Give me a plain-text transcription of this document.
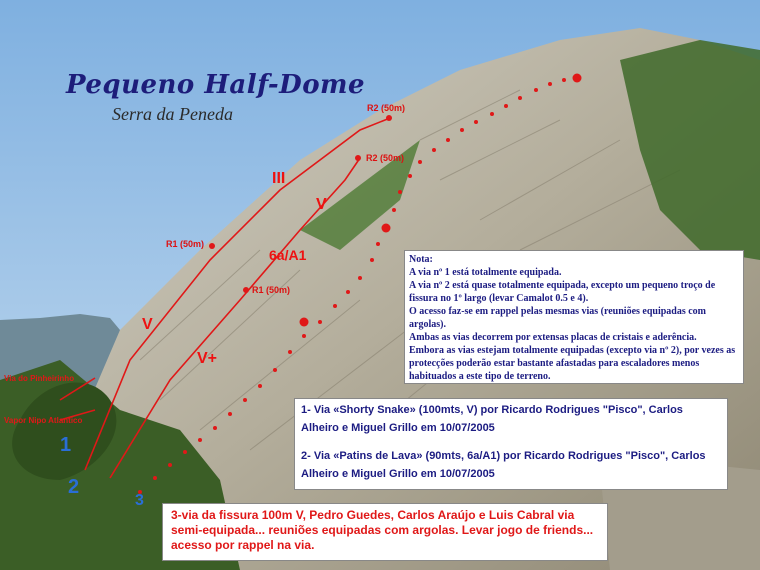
Pequeno Half-Dome
Serra da Peneda	R2 (50m)
R2 (50m)
R1 (50m)
R1 (50m)
III
V
6a/A1
V
V+
1
2
3
Via do Pinheirinho
Vapor Nipo Atlantico
Nota:
A via nº 1 está totalmente equipada.
A via nº 2 está quase totalmente equipada, excepto um pequeno troço de fissura no 1º largo (levar Camalot 0.5 e 4).
O acesso faz-se em rappel pelas mesmas vias (reuniões equipadas com argolas).
Ambas as vias decorrem por extensas placas de cristais e aderência.
Embora as vias estejam totalmente equipadas (excepto via nº 2), por vezes as protecções poderão estar bastante afastadas para escaladores menos habituados a este tipo de terreno.

1- Via «Shorty Snake» (100mts, V) por Ricardo Rodrigues "Pisco", Carlos Alheiro e Miguel Grillo em 10/07/2005

2- Via «Patins de Lava» (90mts, 6a/A1) por Ricardo Rodrigues "Pisco", Carlos Alheiro e Miguel Grillo em 10/07/2005

3-via da fissura 100m V, Pedro Guedes, Carlos Araújo e Luis Cabral via semi-equipada... reuniões equipadas com argolas. Levar jogo de friends... acesso por rappel na via.
